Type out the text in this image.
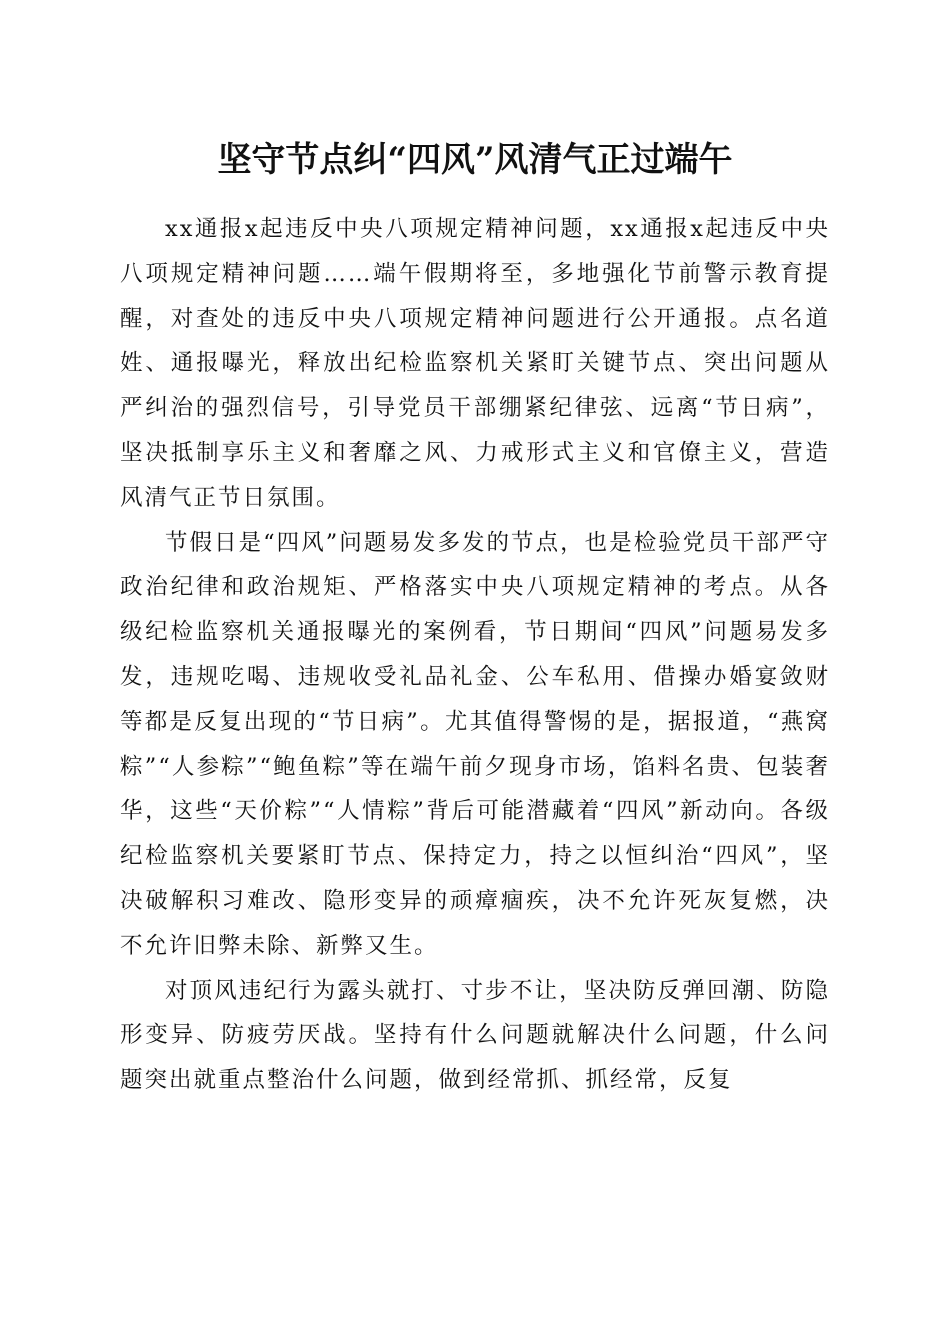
坚守节点纠“四风”风清气正过端午

xx通报x起违反中央八项规定精神问题，xx通报x起违反中央八项规定精神问题……端午假期将至，多地强化节前警示教育提醒，对查处的违反中央八项规定精神问题进行公开通报。点名道姓、通报曝光，释放出纪检监察机关紧盯关键节点、突出问题从严纠治的强烈信号，引导党员干部绷紧纪律弦、远离“节日病”，坚决抵制享乐主义和奢靡之风、力戒形式主义和官僚主义，营造风清气正节日氛围。

节假日是“四风”问题易发多发的节点，也是检验党员干部严守政治纪律和政治规矩、严格落实中央八项规定精神的考点。从各级纪检监察机关通报曝光的案例看，节日期间“四风”问题易发多发，违规吃喝、违规收受礼品礼金、公车私用、借操办婚宴敛财等都是反复出现的“节日病”。尤其值得警惕的是，据报道，“燕窝粽”“人参粽”“鲍鱼粽”等在端午前夕现身市场，馅料名贵、包装奢华，这些“天价粽”“人情粽”背后可能潜藏着“四风”新动向。各级纪检监察机关要紧盯节点、保持定力，持之以恒纠治“四风”，坚决破解积习难改、隐形变异的顽瘴痼疾，决不允许死灰复燃，决不允许旧弊未除、新弊又生。

对顶风违纪行为露头就打、寸步不让，坚决防反弹回潮、防隐形变异、防疲劳厌战。坚持有什么问题就解决什么问题，什么问题突出就重点整治什么问题，做到经常抓、抓经常，反复
